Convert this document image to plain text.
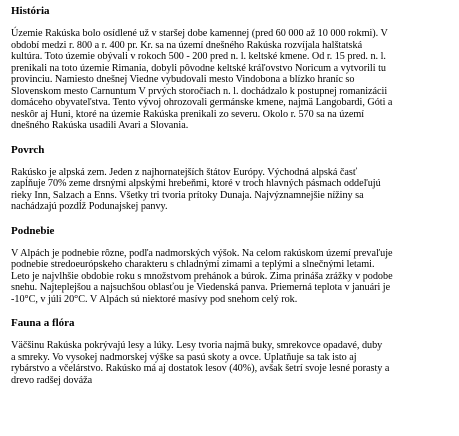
História
Územie Rakúska bolo osídlené už v staršej dobe kamennej (pred 60 000 až 10 000 rokmi). V
období medzi r. 800 a r. 400 pr. Kr. sa na území dnešného Rakúska rozvíjala halštatská
kultúra. Toto územie obývali v rokoch 500 - 200 pred n. l. keltské kmene. Od r. 15 pred. n. l.
prenikali na toto územie Rimania, dobyli pôvodne keltské kráľovstvo Noricum a vytvorili tu
provinciu. Namiesto dnešnej Viedne vybudovali mesto Vindobona a blízko hraníc so
Slovenskom mesto Carnuntum V prvých storočiach n. l. dochádzalo k postupnej romanizácii
domáceho obyvateľstva. Tento vývoj ohrozovali germánske kmene, najmä Langobardi, Góti a
neskôr aj Huni, ktoré na územie Rakúska prenikali zo severu. Okolo r. 570 sa na území
dnešného Rakúska usadili Avari a Slovania.
Povrch
Rakúsko je alpská zem. Jeden z najhornatejších štátov Európy. Východná alpská časť
zapĺňuje 70% zeme drsnými alpskými hrebeňmi, ktoré v troch hlavných pásmach oddeľujú
rieky Inn, Salzach a Enns. Všetky tri tvoria prítoky Dunaja. Najvýznamnejšie nížiny sa
nachádzajú pozdĺž Podunajskej panvy.
Podnebie
V Alpách je podnebie rôzne, podľa nadmorských výšok. Na celom rakúskom území prevaľuje
podnebie stredoeurópskeho charakteru s chladnými zimami a teplými a slnečnými letami.
Leto je najvlhšie obdobie roku s množstvom prehánok a búrok. Zima prináša zrážky v podobe
snehu. Najteplejšou a najsuchšou oblasťou je Viedenská panva. Priemerná teplota v januári je
-10°C, v júli 20°C. V Alpách sú niektoré masívy pod snehom celý rok.
Fauna a flóra
Väčšinu Rakúska pokrývajú lesy a lúky. Lesy tvoria najmä buky, smrekovce opadavé, duby
a smreky. Vo vysokej nadmorskej výške sa pasú skoty a ovce. Uplatňuje sa tak isto aj
rybárstvo a včelárstvo. Rakúsko má aj dostatok lesov (40%), avšak šetrí svoje lesné porasty a
drevo radšej dováža
